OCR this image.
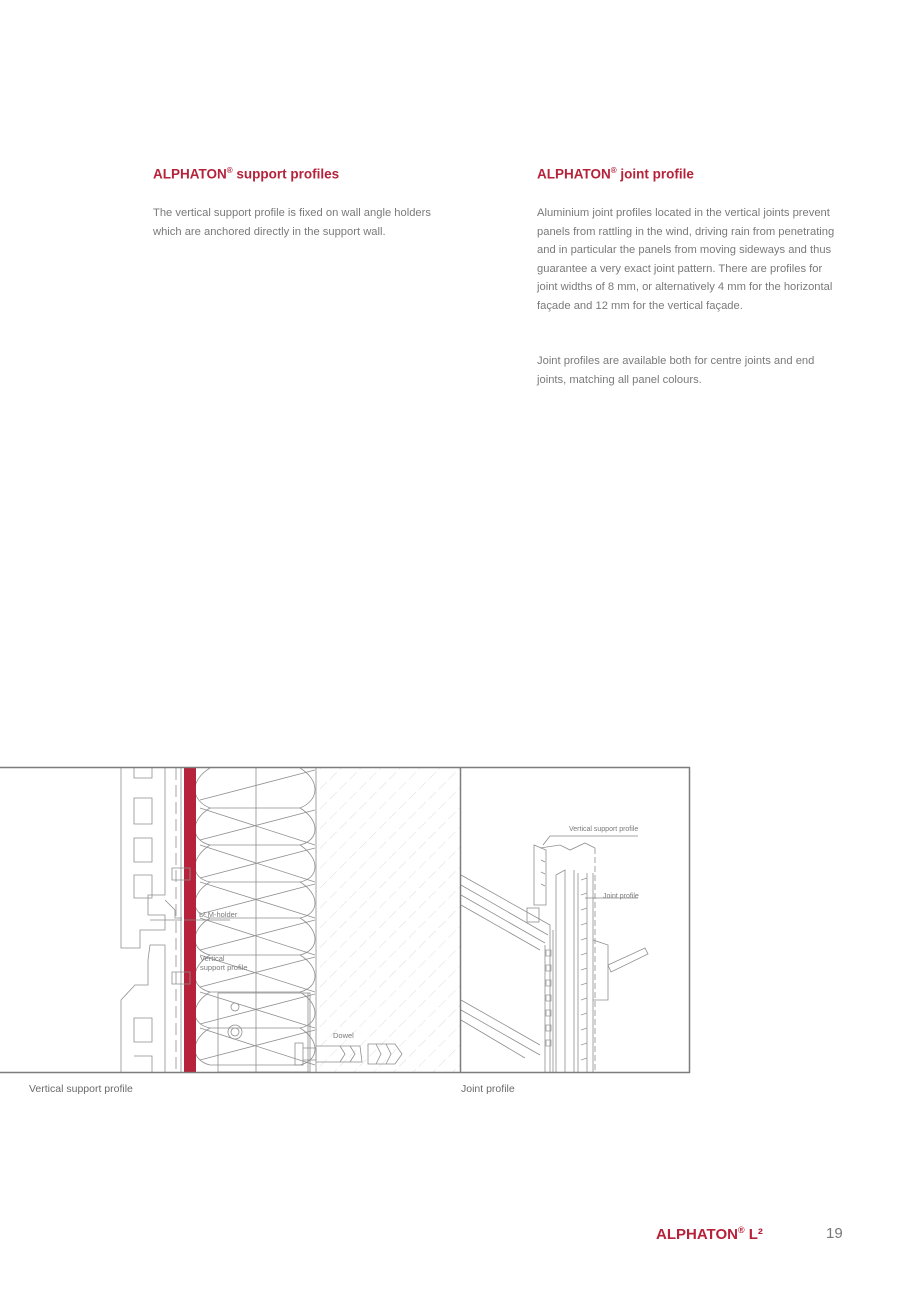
ALPHATON® support profiles

The vertical support profile is fixed on wall angle holders which are anchored directly in the support wall.

ALPHATON® joint profile

Aluminium joint profiles located in the vertical joints prevent panels from rattling in the wind, driving rain from penetrating and in particular the panels from moving sideways and thus guarantee a very exact joint pattern. There are profiles for joint widths of 8 mm, or alternatively 4 mm for the horizontal façade and 12 mm for the vertical façade.

Joint profiles are available both for centre joints and end joints, matching all panel colours.

L² M-holder
Vertical
support profile
Dowel
Vertical support profile
Joint profile
Vertical support profile	Joint profile
ALPHATON® L²	19
